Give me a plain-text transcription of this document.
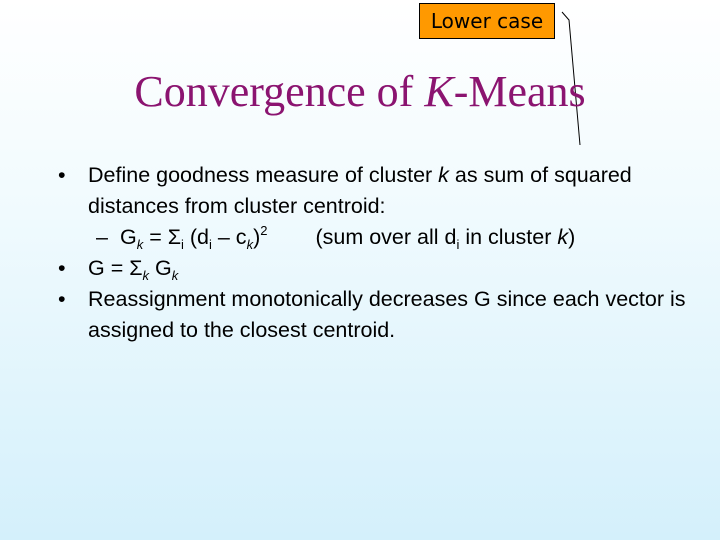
Lower case
Convergence of K-Means
• Define goodness measure of cluster k as sum of squared distances from cluster centroid:
– $G_k = \Sigma_i$ $(d_i - c_k)^2$ (sum over all $d_i$ in cluster k)
• $G = \Sigma_k$ $G_k$
• Reassignment monotonically decreases G since each vector is assigned to the closest centroid.
